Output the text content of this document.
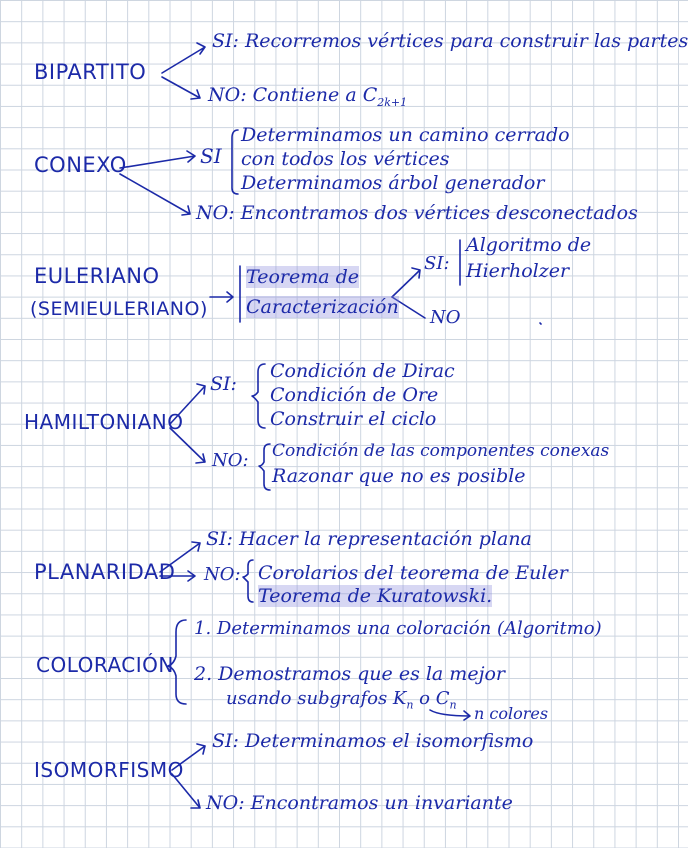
BIPARTITO
SI: Recorremos vértices para construir las partes
NO: Contiene a $C_{2k+1}$
CONEXO	SI
Determinamos un camino cerrado
con todos los vértices
Determinamos árbol generador
NO: Encontramos dos vértices desconectados
EULERIANO
(SEMIEULERIANO)
Teorema de
Caracterización
SI:
Algoritmo de
Hierholzer
NO
HAMILTONIANO
SI:
Condición de Dirac
Condición de Ore
Construir el ciclo
NO: Condición de las componentes conexas
Razonar que no es posible
PLANARIDAD
SI: Hacer la representación plana
NO: Corolarios del teorema de Euler
Teorema de Kuratowski.
COLORACIÓN
1. Determinamos una coloración (Algoritmo)
2. Demostramos que es la mejor
usando subgrafos $K_n$ o $C_n$ n colores
ISOMORFISMO
SI: Determinamos el isomorfismo
NO: Encontramos un invariante
